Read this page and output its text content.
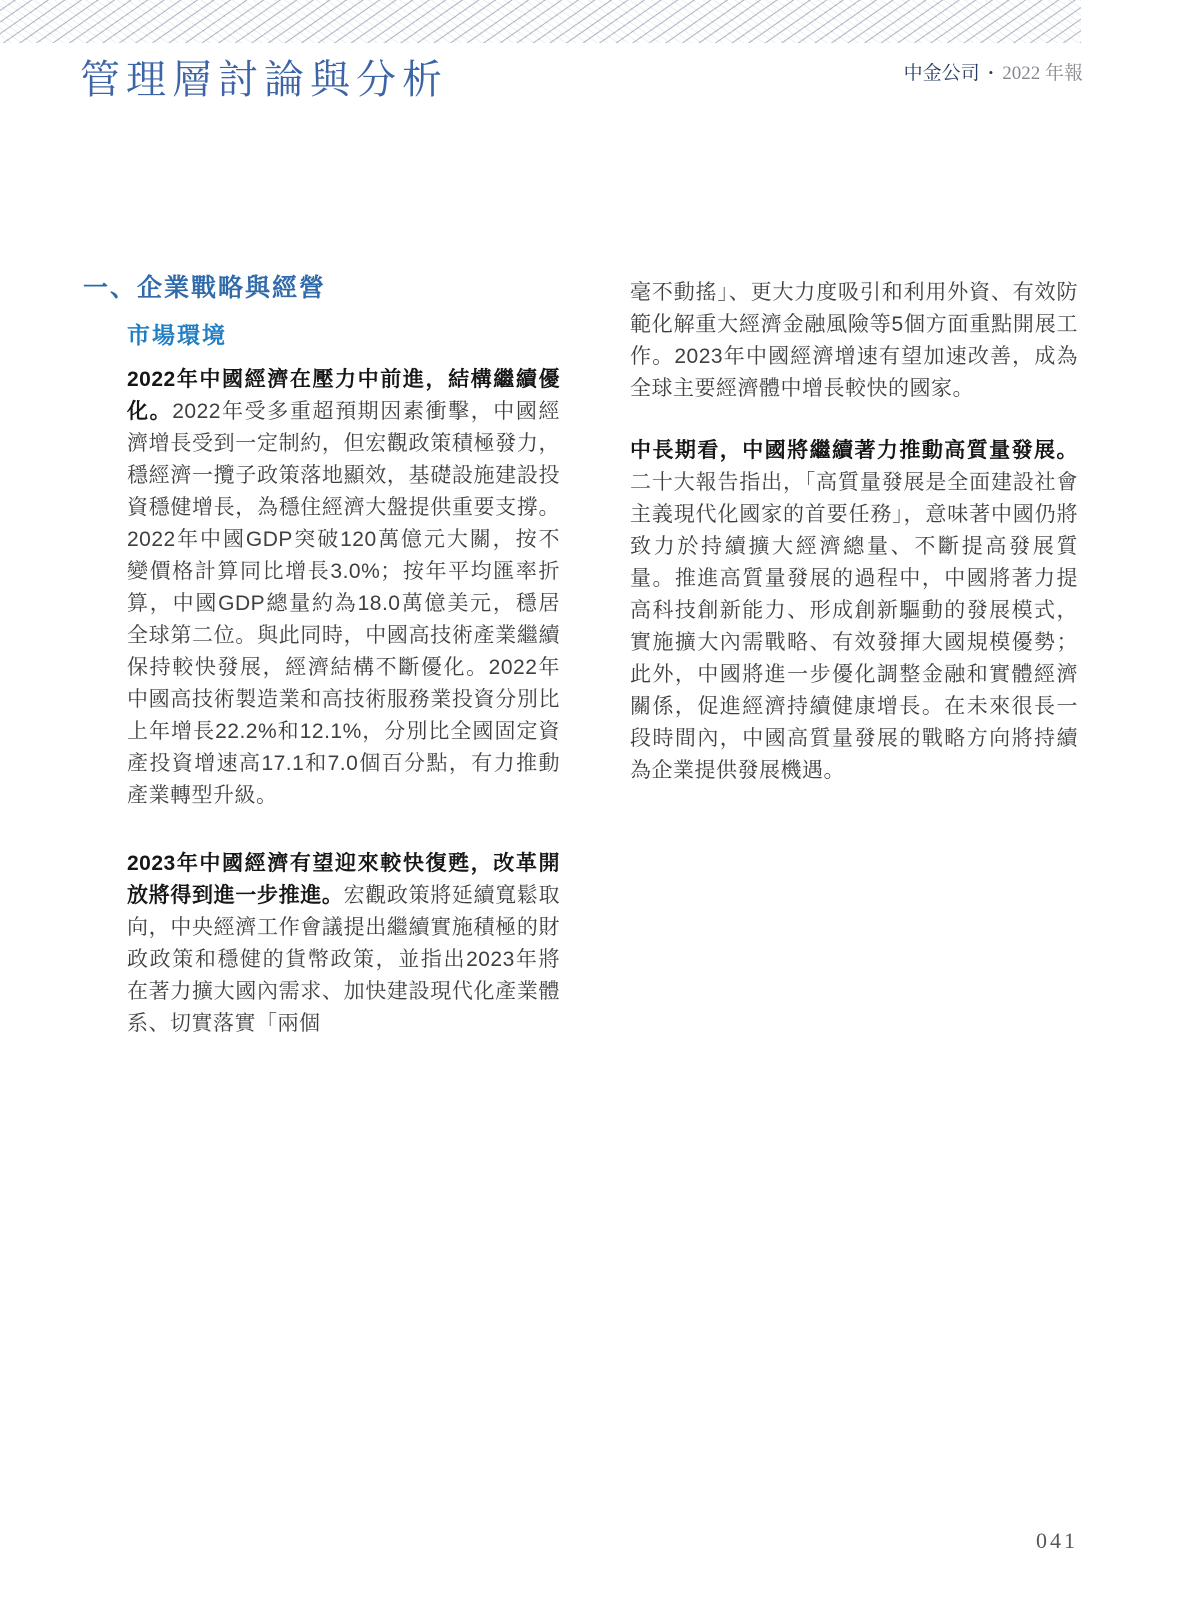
管理層討論與分析	中金公司 • 2022 年報
一、企業戰略與經營
市場環境

2022年中國經濟在壓力中前進，結構繼續優化。2022年受多重超預期因素衝擊，中國經濟增長受到一定制約，但宏觀政策積極發力，穩經濟一攬子政策落地顯效，基礎設施建設投資穩健增長，為穩住經濟大盤提供重要支撐。2022年中國GDP突破120萬億元大關，按不變價格計算同比增長3.0%；按年平均匯率折算，中國GDP總量約為18.0萬億美元，穩居全球第二位。與此同時，中國高技術產業繼續保持較快發展，經濟結構不斷優化。2022年中國高技術製造業和高技術服務業投資分別比上年增長22.2%和12.1%，分別比全國固定資產投資增速高17.1和7.0個百分點，有力推動產業轉型升級。

2023年中國經濟有望迎來較快復甦，改革開放將得到進一步推進。宏觀政策將延續寬鬆取向，中央經濟工作會議提出繼續實施積極的財政政策和穩健的貨幣政策，並指出2023年將在著力擴大國內需求、加快建設現代化產業體系、切實落實「兩個

毫不動搖」、更大力度吸引和利用外資、有效防範化解重大經濟金融風險等5個方面重點開展工作。2023年中國經濟增速有望加速改善，成為全球主要經濟體中增長較快的國家。

中長期看，中國將繼續著力推動高質量發展。二十大報告指出，「高質量發展是全面建設社會主義現代化國家的首要任務」，意味著中國仍將致力於持續擴大經濟總量、不斷提高發展質量。推進高質量發展的過程中，中國將著力提高科技創新能力、形成創新驅動的發展模式，實施擴大內需戰略、有效發揮大國規模優勢；此外，中國將進一步優化調整金融和實體經濟關係，促進經濟持續健康增長。在未來很長一段時間內，中國高質量發展的戰略方向將持續為企業提供發展機遇。

041
